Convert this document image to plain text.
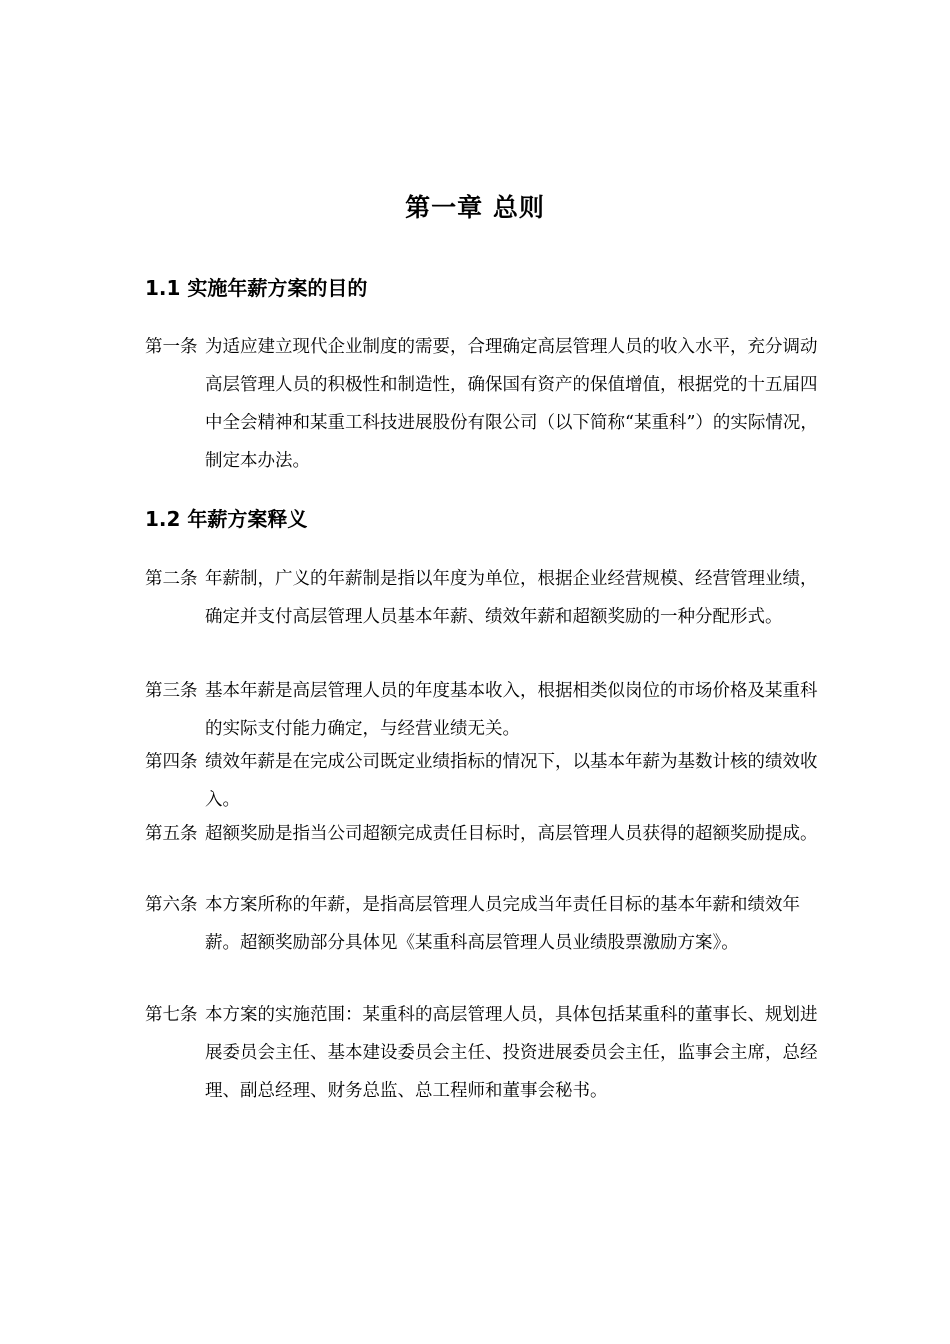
第一章 总则
1.1 实施年薪方案的目的
第一条 为适应建立现代企业制度的需要，合理确定高层管理人员的收入水平，充分调动高层管理人员的积极性和制造性，确保国有资产的保值增值，根据党的十五届四中全会精神和某重工科技进展股份有限公司（以下简称“某重科”）的实际情况，制定本办法。
1.2 年薪方案释义
第二条 年薪制，广义的年薪制是指以年度为单位，根据企业经营规模、经营管理业绩，确定并支付高层管理人员基本年薪、绩效年薪和超额奖励的一种分配形式。
第三条 基本年薪是高层管理人员的年度基本收入，根据相类似岗位的市场价格及某重科的实际支付能力确定，与经营业绩无关。
第四条 绩效年薪是在完成公司既定业绩指标的情况下，以基本年薪为基数计核的绩效收入。
第五条 超额奖励是指当公司超额完成责任目标时，高层管理人员获得的超额奖励提成。
第六条 本方案所称的年薪，是指高层管理人员完成当年责任目标的基本年薪和绩效年薪。超额奖励部分具体见《某重科高层管理人员业绩股票激励方案》。
第七条 本方案的实施范围：某重科的高层管理人员，具体包括某重科的董事长、规划进展委员会主任、基本建设委员会主任、投资进展委员会主任，监事会主席，总经理、副总经理、财务总监、总工程师和董事会秘书。
